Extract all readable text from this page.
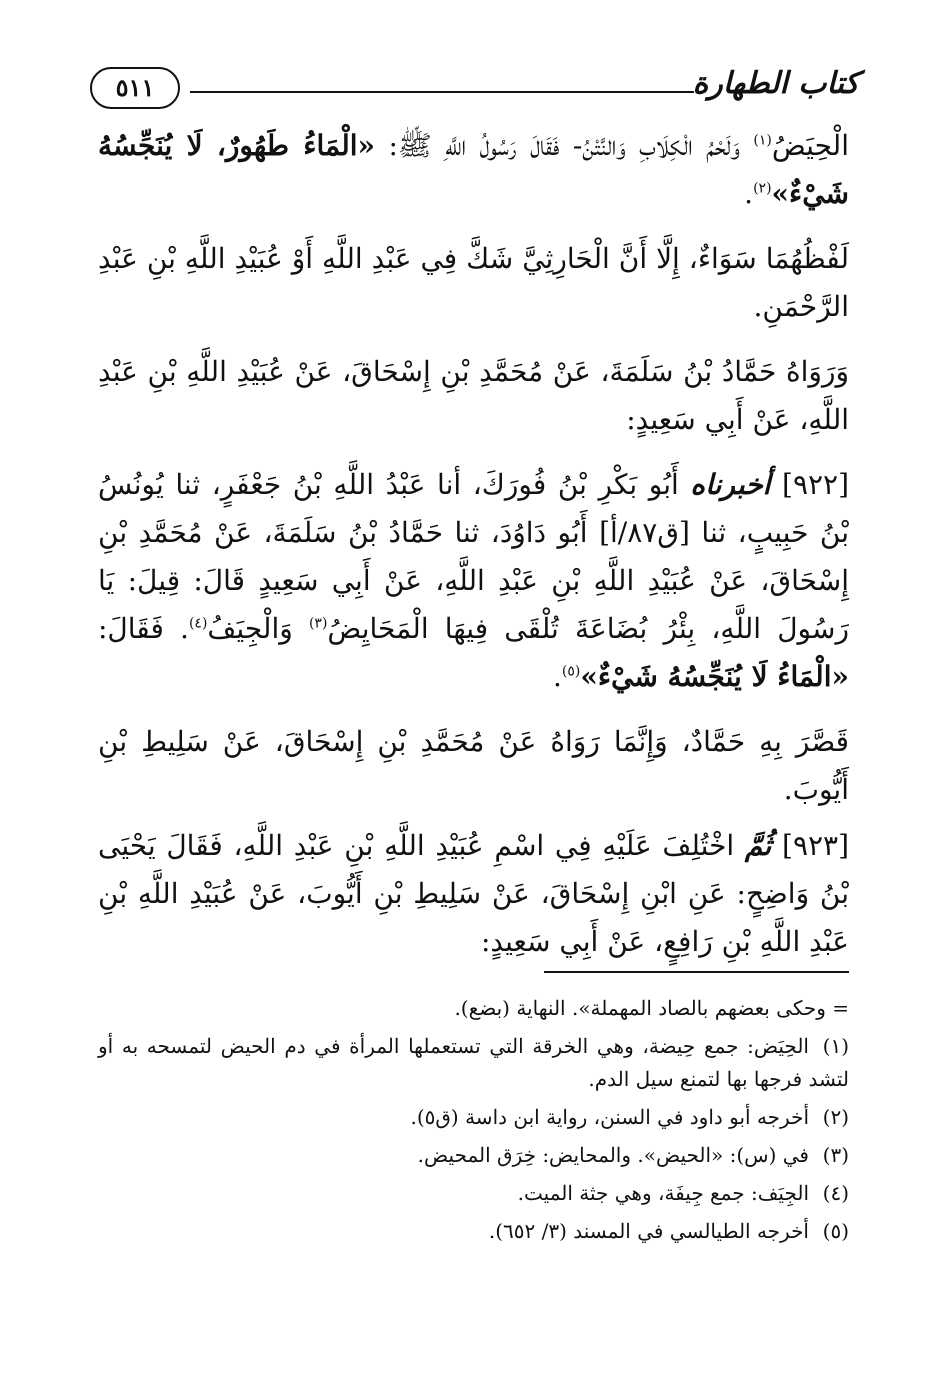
كتاب الطهارة
٥١١

الْحِيَضُ$^{(١)}$ وَلَحْمُ الْكِلَابِ وَالنَّتْنُ- فَقَالَ رَسُولُ اللَّهِ ﷺ: «الْمَاءُ طَهُورٌ، لَا يُنَجِّسُهُ شَيْءٌ»$^{(٢)}$.

لَفْظُهُمَا سَوَاءٌ، إِلَّا أَنَّ الْحَارِثِيَّ شَكَّ فِي عَبْدِ اللَّهِ أَوْ عُبَيْدِ اللَّهِ بْنِ عَبْدِ الرَّحْمَنِ.

وَرَوَاهُ حَمَّادُ بْنُ سَلَمَةَ، عَنْ مُحَمَّدِ بْنِ إِسْحَاقَ، عَنْ عُبَيْدِ اللَّهِ بْنِ عَبْدِ اللَّهِ، عَنْ أَبِي سَعِيدٍ:

[٩٢٢] أخبرناه أَبُو بَكْرِ بْنُ فُورَكَ، أنا عَبْدُ اللَّهِ بْنُ جَعْفَرٍ، ثنا يُونُسُ بْنُ حَبِيبٍ، ثنا [ق٨٧/أ] أَبُو دَاوُدَ، ثنا حَمَّادُ بْنُ سَلَمَةَ، عَنْ مُحَمَّدِ بْنِ إِسْحَاقَ، عَنْ عُبَيْدِ اللَّهِ بْنِ عَبْدِ اللَّهِ، عَنْ أَبِي سَعِيدٍ قَالَ: قِيلَ: يَا رَسُولَ اللَّهِ، بِئْرُ بُضَاعَةَ تُلْقَى فِيهَا الْمَحَايِضُ$^{(٣)}$ وَالْجِيَفُ$^{(٤)}$. فَقَالَ: «الْمَاءُ لَا يُنَجِّسُهُ شَيْءٌ»$^{(٥)}$.

قَصَّرَ بِهِ حَمَّادٌ، وَإِنَّمَا رَوَاهُ عَنْ مُحَمَّدِ بْنِ إِسْحَاقَ، عَنْ سَلِيطِ بْنِ أَيُّوبَ.

[٩٢٣] ثُمَّ اخْتُلِفَ عَلَيْهِ فِي اسْمِ عُبَيْدِ اللَّهِ بْنِ عَبْدِ اللَّهِ، فَقَالَ يَحْيَى بْنُ وَاضِحٍ: عَنِ ابْنِ إِسْحَاقَ، عَنْ سَلِيطِ بْنِ أَيُّوبَ، عَنْ عُبَيْدِ اللَّهِ بْنِ عَبْدِ اللَّهِ بْنِ رَافِعٍ، عَنْ أَبِي سَعِيدٍ:

= وحكى بعضهم بالصاد المهملة». النهاية (بضع).

(١)الحِيَض: جمع حِيضة، وهي الخرقة التي تستعملها المرأة في دم الحيض لتمسحه به أو لتشد فرجها بها لتمنع سيل الدم.

(٢)أخرجه أبو داود في السنن، رواية ابن داسة (ق٥).

(٣)في (س): «الحيض». والمحايض: خِرَق المحيض.

(٤)الجِيَف: جمع جِيفَة، وهي جثة الميت.

(٥)أخرجه الطيالسي في المسند (٣/ ٦٥٢).
